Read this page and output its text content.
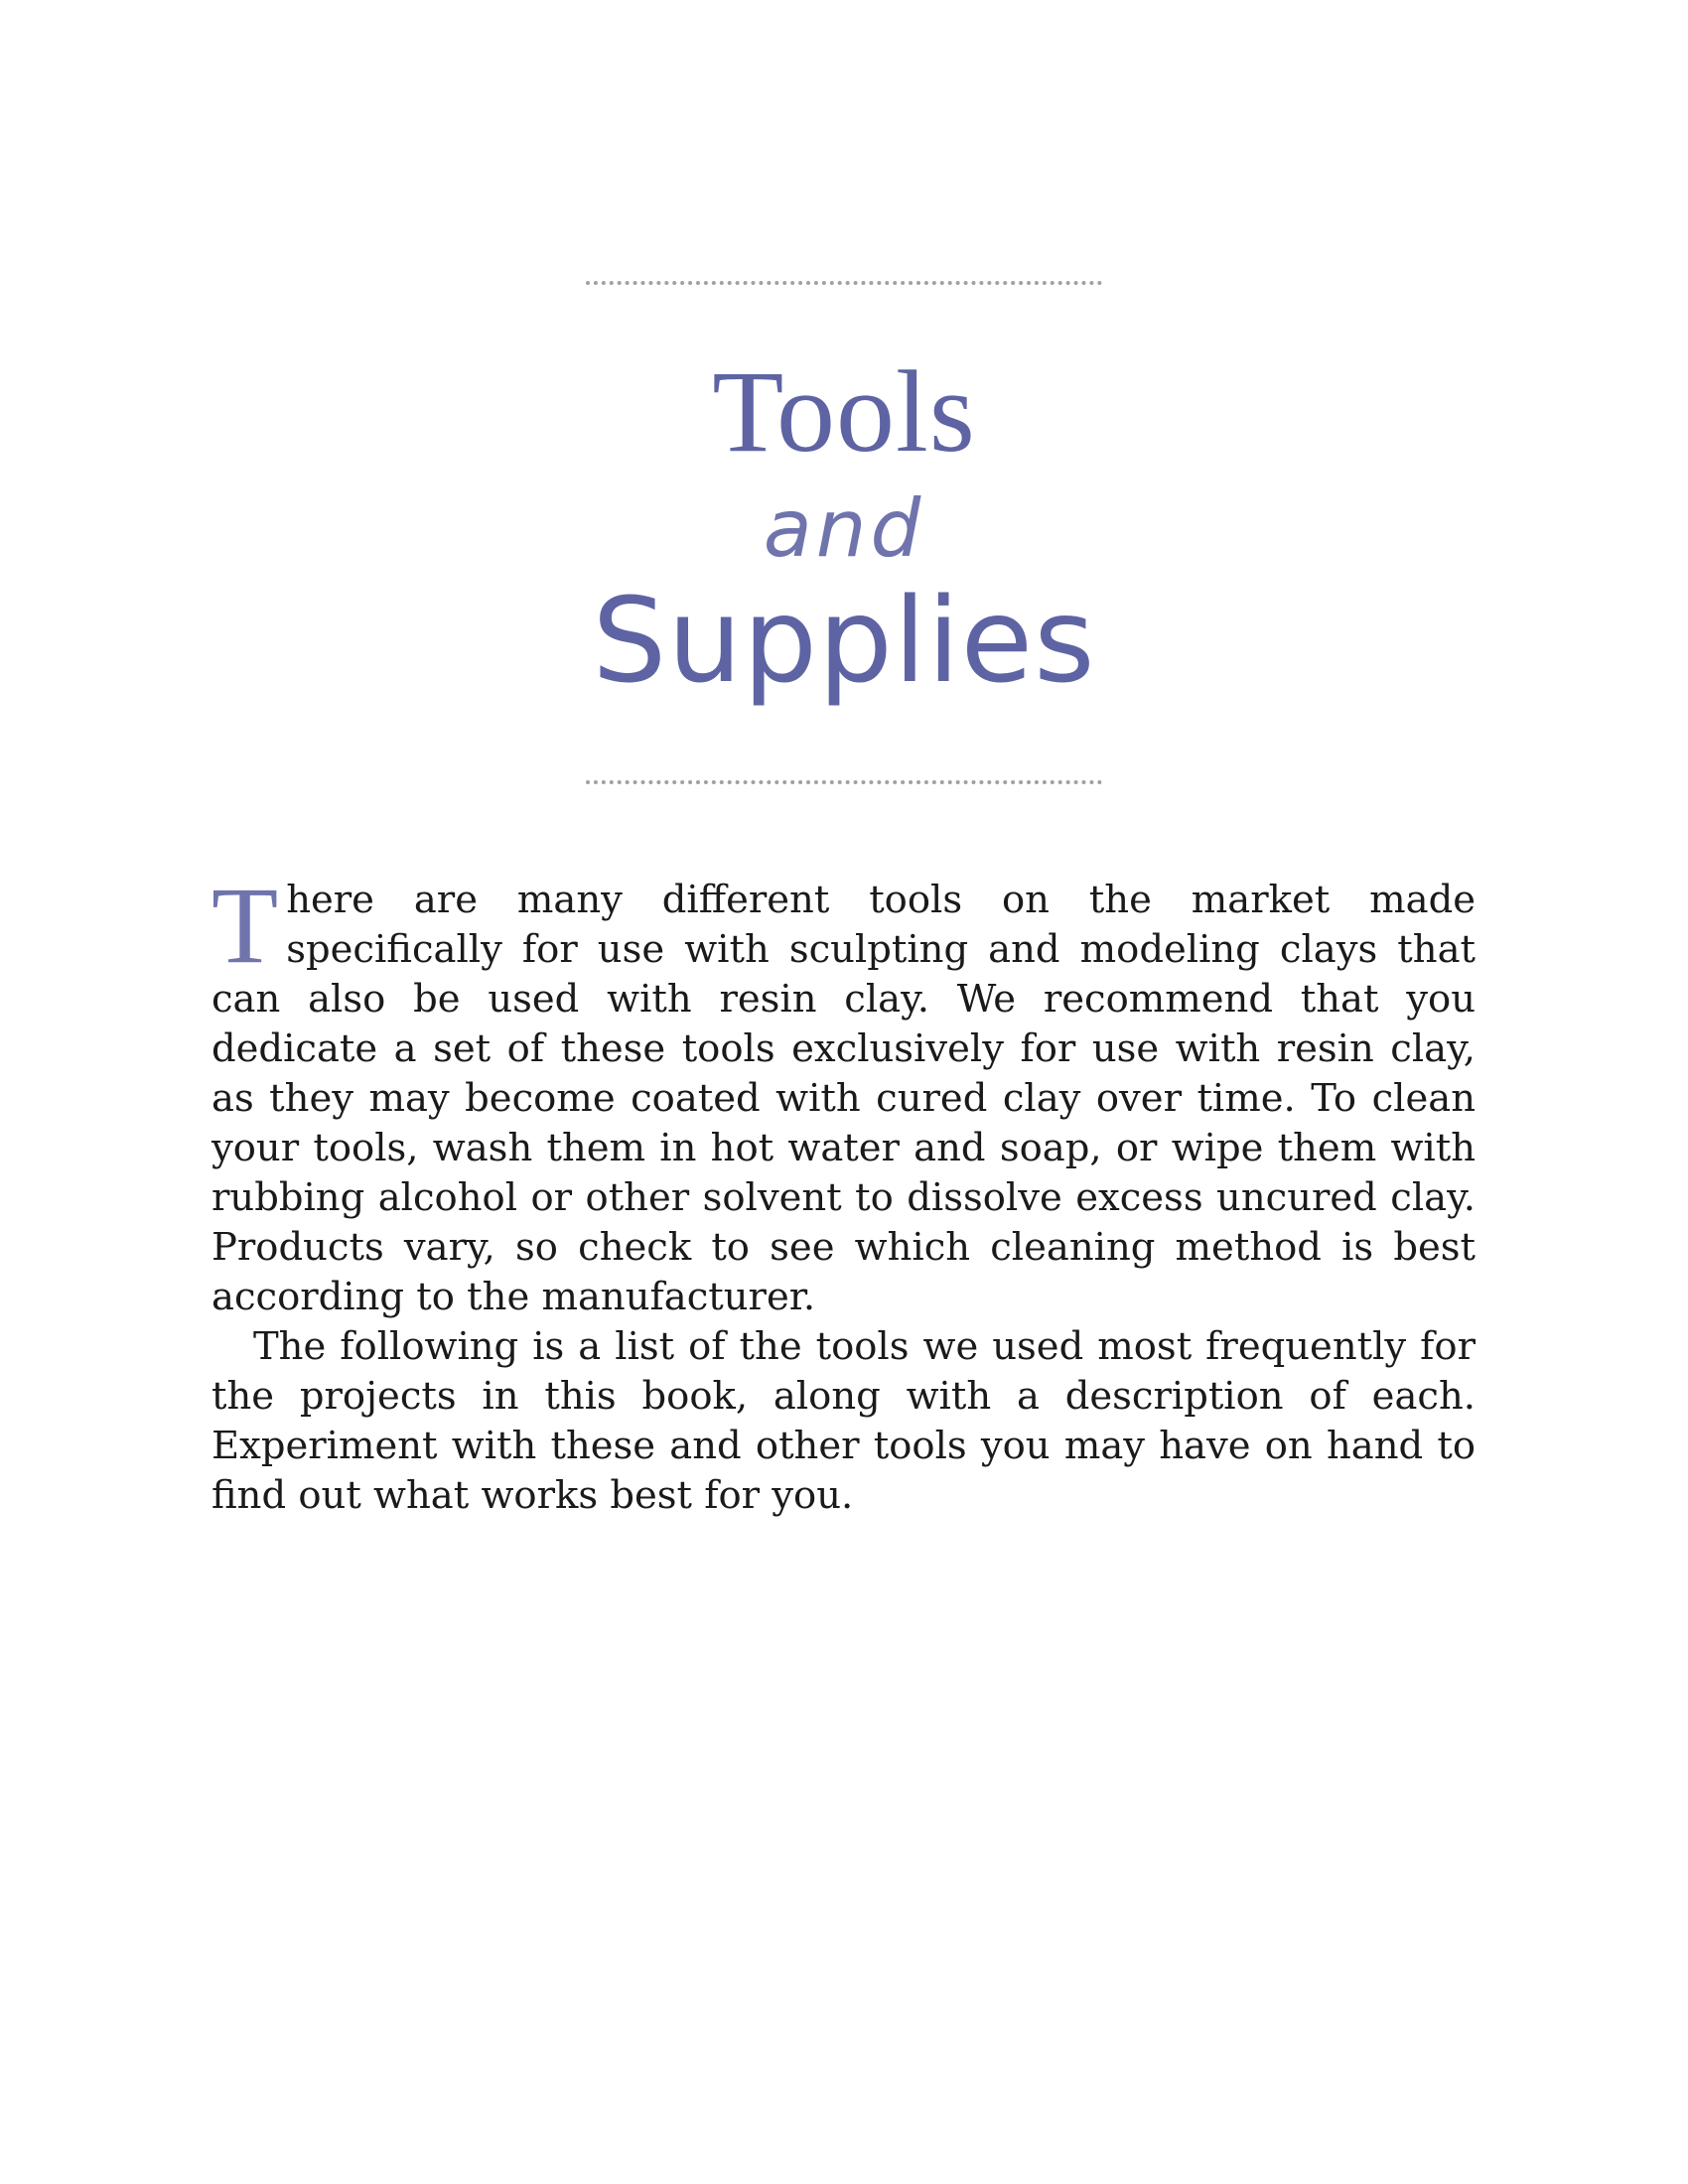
Tools
and
Supplies

There are many different tools on the market made specifically for use with sculpting and modeling clays that can also be used with resin clay. We recommend that you dedicate a set of these tools exclusively for use with resin clay, as they may become coated with cured clay over time. To clean your tools, wash them in hot water and soap, or wipe them with rubbing alcohol or other solvent to dissolve excess uncured clay. Products vary, so check to see which cleaning method is best according to the manufacturer.

The following is a list of the tools we used most frequently for the projects in this book, along with a description of each. Experiment with these and other tools you may have on hand to find out what works best for you.
